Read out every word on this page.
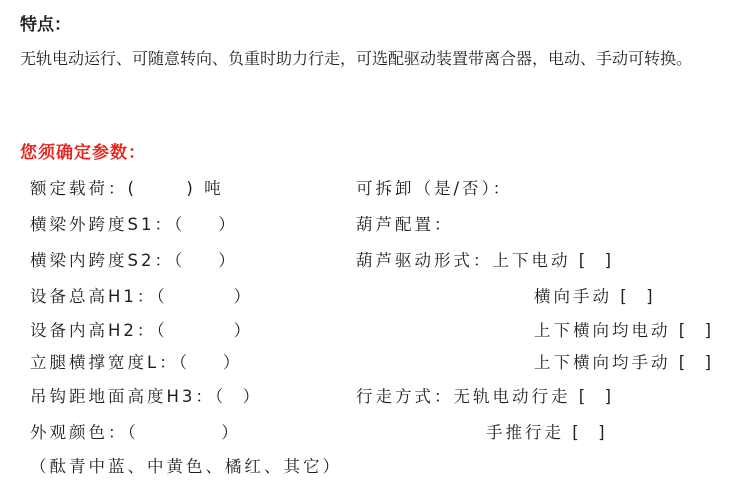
特点：

无轨电动运行、可随意转向、负重时助力行走，可选配驱动装置带离合器，电动、手动可转换。

您须确定参数：
额定载荷：(      ) 吨
横梁外跨度S1：（    ）
横梁内跨度S2：（    ）
设备总高H1：（        ）
设备内高H2：（        ）
立腿横撑宽度L：（    ）
吊钩距地面高度H3：（  ）
外观颜色：（          ）
（酞青中蓝、中黄色、橘红、其它）
可拆卸（是/否）：
葫芦配置：
葫芦驱动形式：上下电动 [  ]
横向手动 [  ]
上下横向均电动 [  ]
上下横向均手动 [  ]
行走方式：无轨电动行走 [  ]
手推行走 [  ]
